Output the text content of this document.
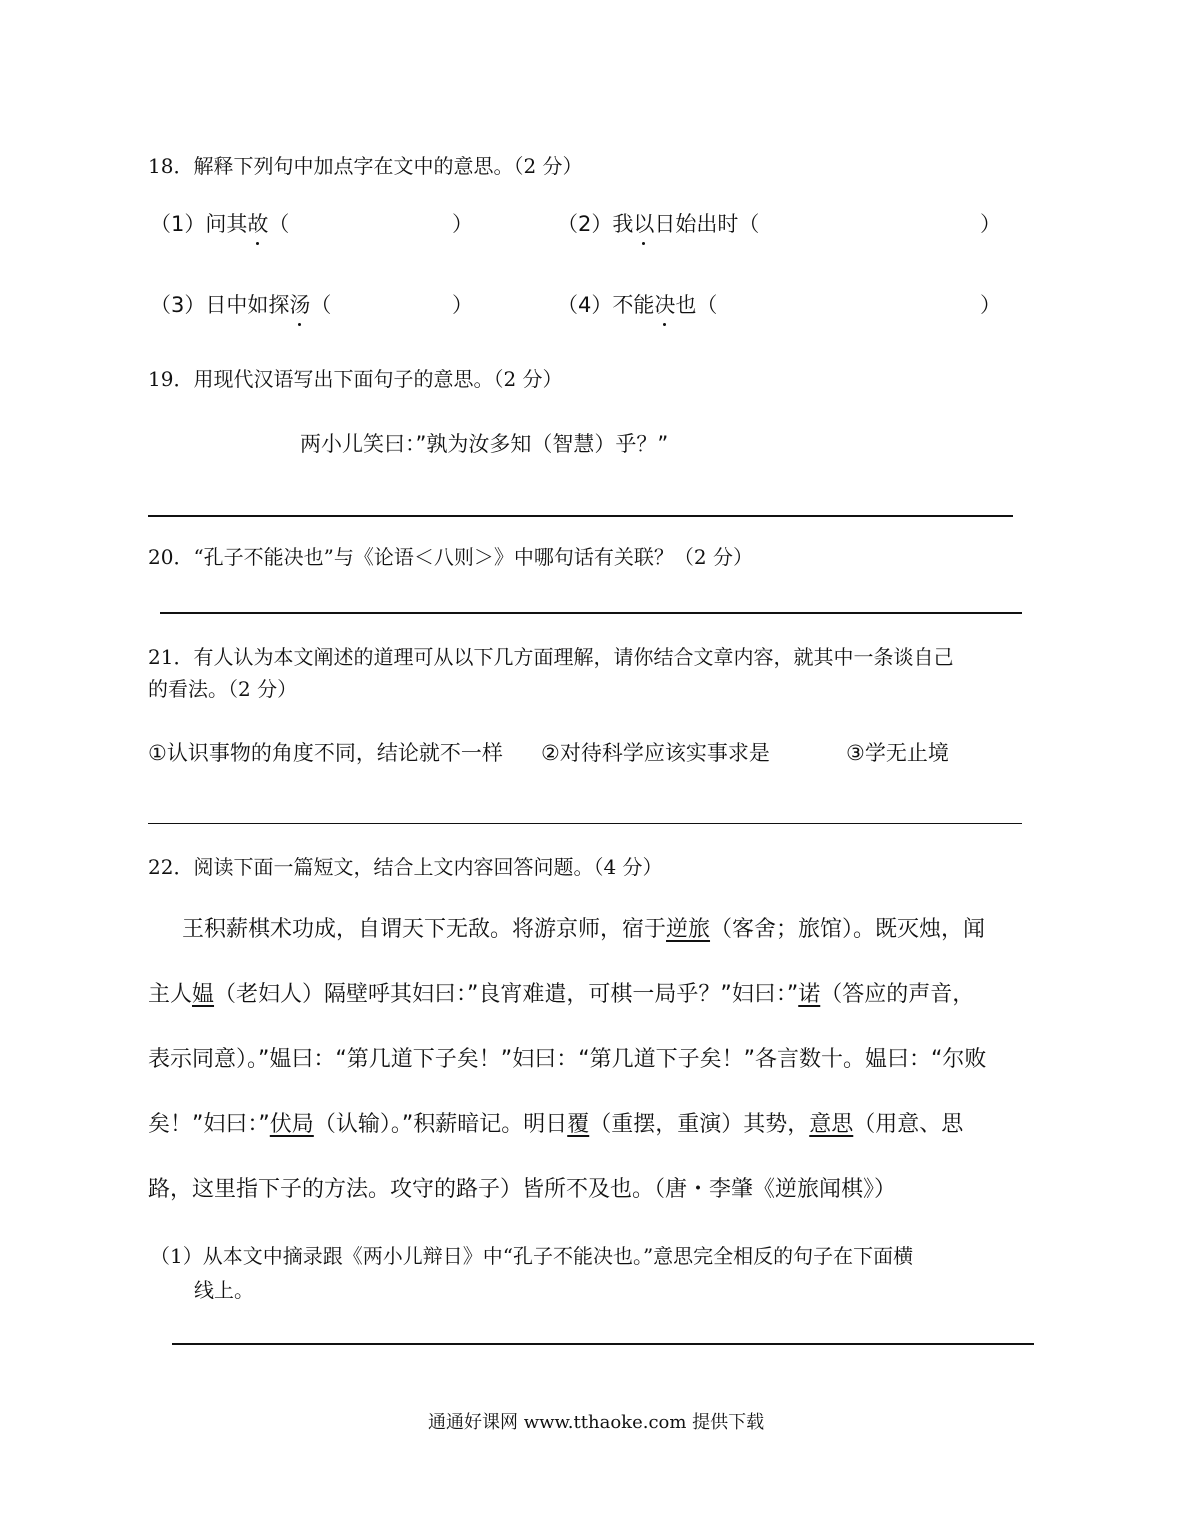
18．解释下列句中加点字在文中的意思。（2 分）
（1）问其故（	）	（2）我以日始出时（	）
（3）日中如探汤（	）	（4）不能决也（	）
19．用现代汉语写出下面句子的意思。（2 分）
两小儿笑曰：”孰为汝多知（智慧）乎？”
20．“孔子不能决也”与《论语＜八则＞》中哪句话有关联？（2 分）
21．有人认为本文阐述的道理可从以下几方面理解，请你结合文章内容，就其中一条谈自己
的看法。（2 分）
①认识事物的角度不同，结论就不一样 ②对待科学应该实事求是	③学无止境
22．阅读下面一篇短文，结合上文内容回答问题。（4 分）
王积薪棋术功成，自谓天下无敌。将游京师，宿于逆旅（客舍；旅馆）。既灭烛，闻
主人媪（老妇人）隔壁呼其妇曰：”良宵难遣，可棋一局乎？”妇曰：”诺（答应的声音，
表示同意）。”媪曰：“第几道下子矣！”妇曰：“第几道下子矣！”各言数十。媪曰：“尔败
矣！”妇曰：”伏局（认输）。”积薪暗记。明日覆（重摆，重演）其势，意思（用意、思
路，这里指下子的方法。攻守的路子）皆所不及也。（唐・李肇《逆旅闻棋》）
（1）从本文中摘录跟《两小儿辩日》中“孔子不能决也。”意思完全相反的句子在下面横
线上。
通通好课网 www.tthaoke.com 提供下载
